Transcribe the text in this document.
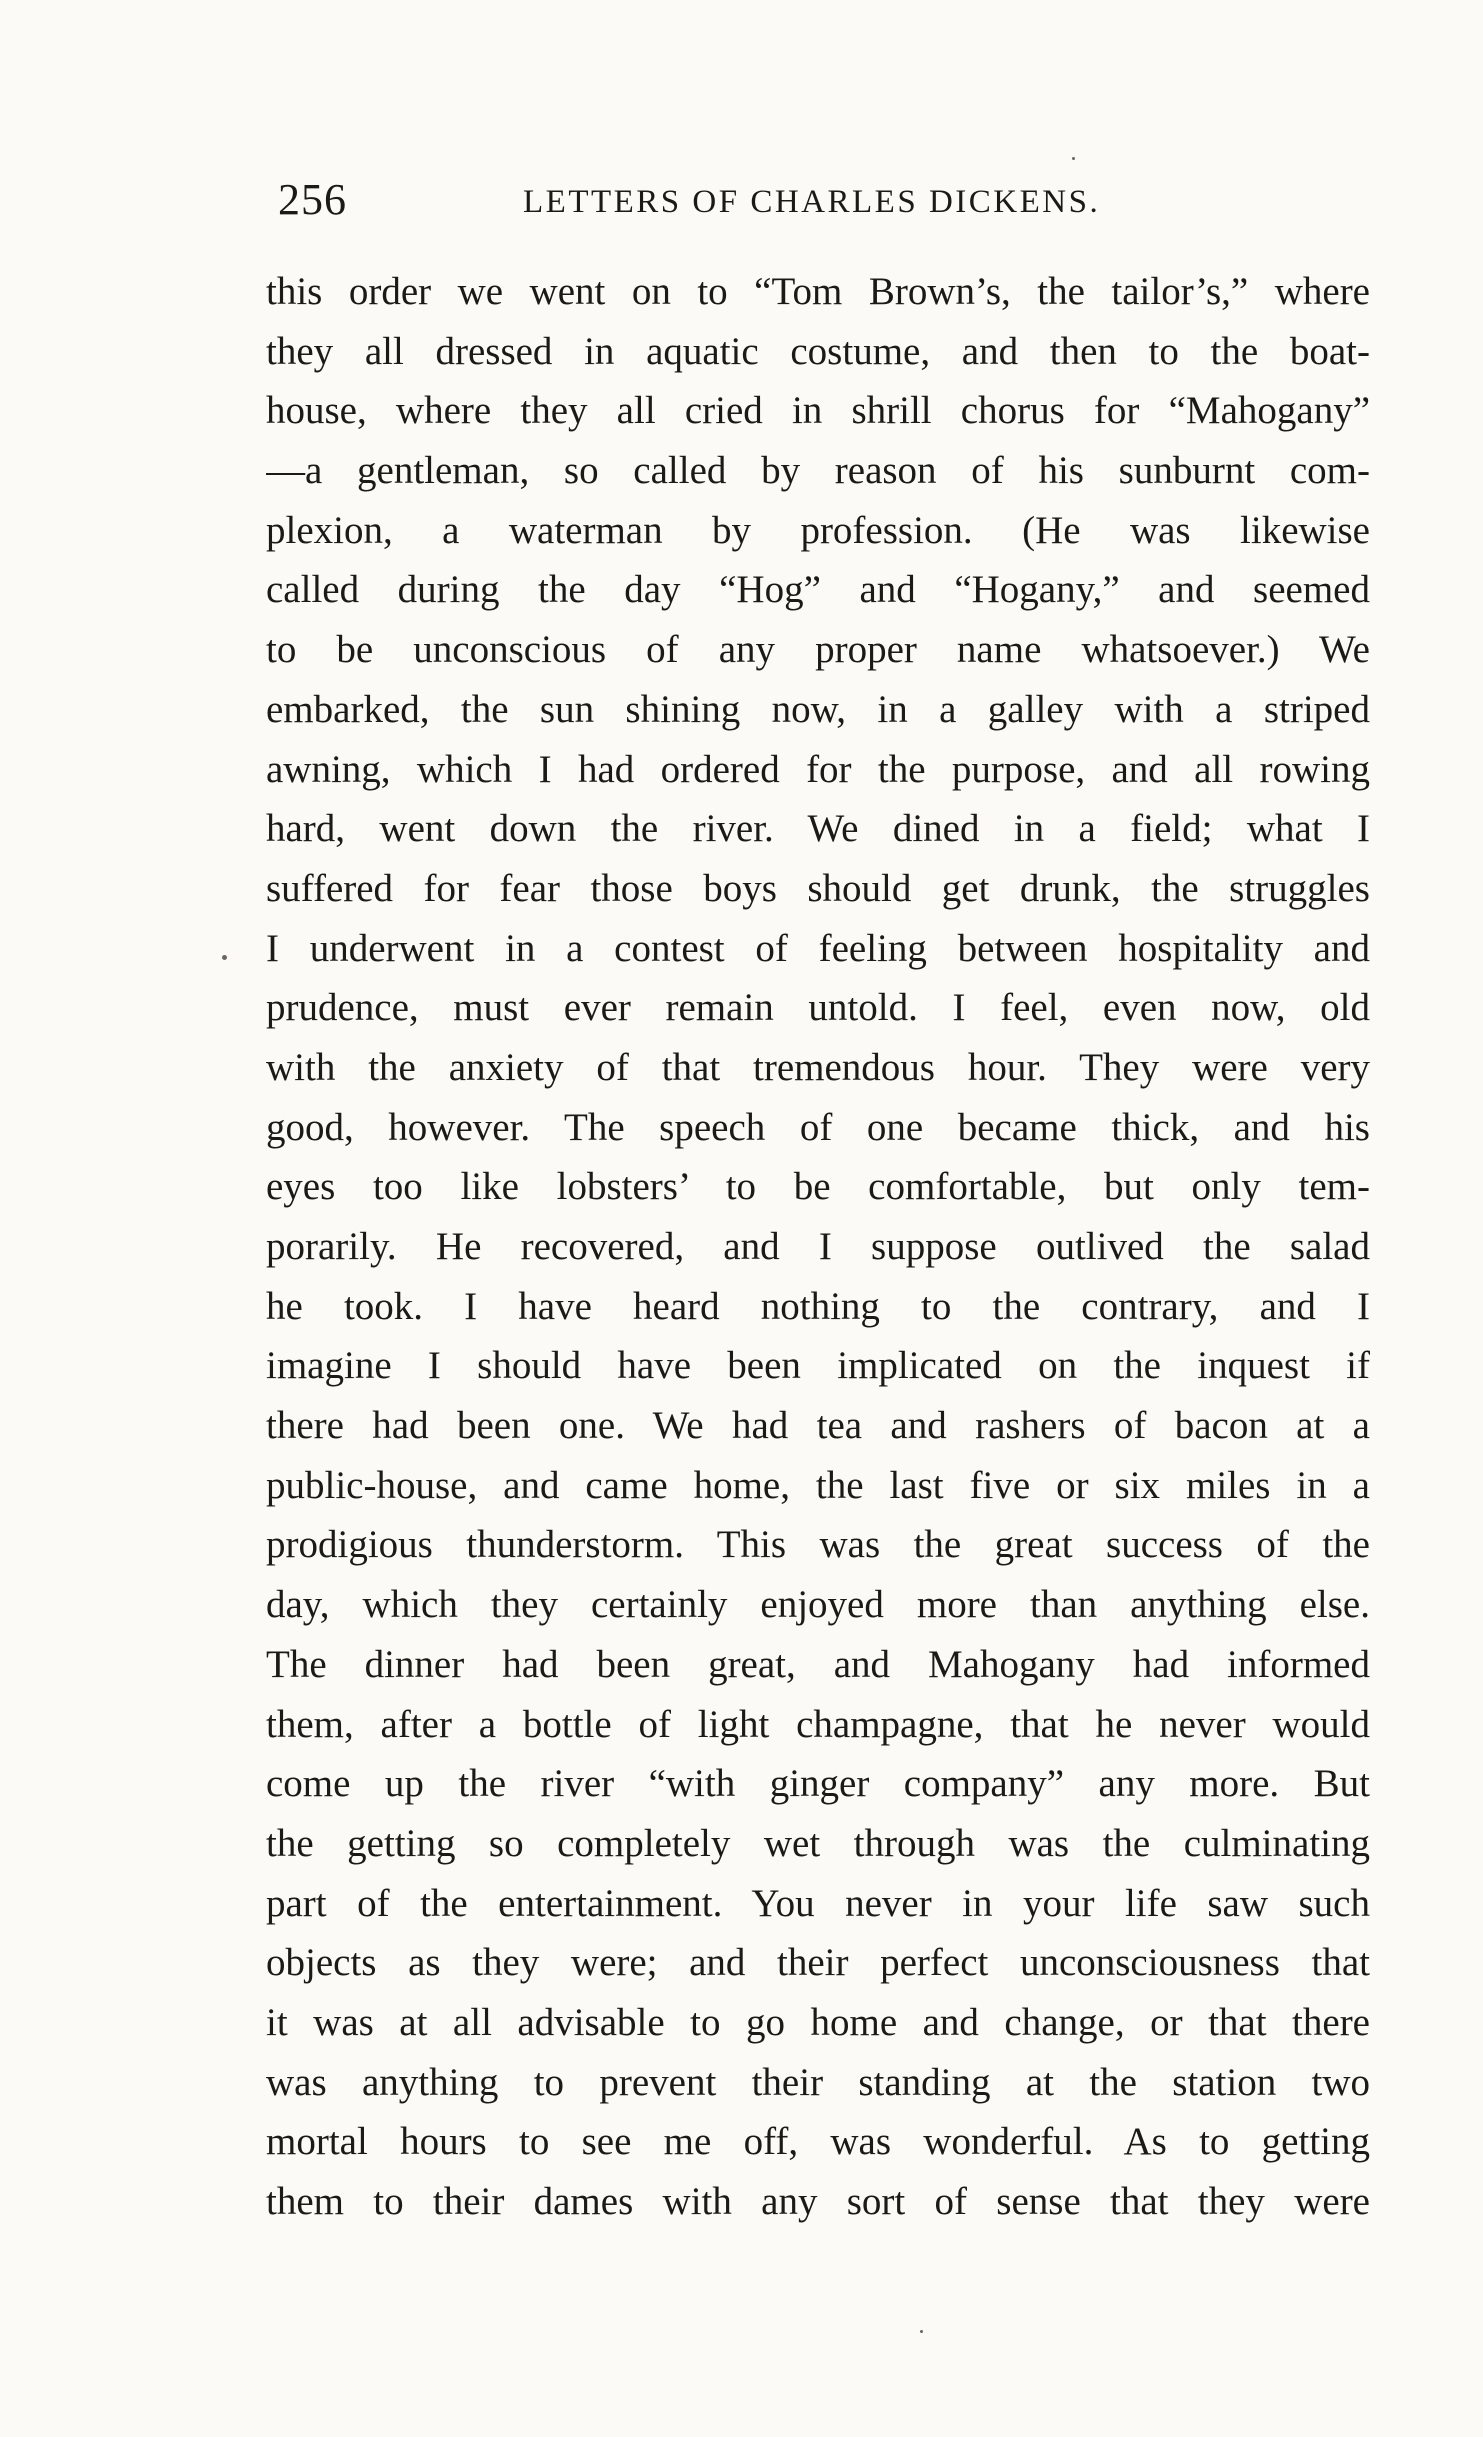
256	LETTERS OF CHARLES DICKENS.
this order we went on to “Tom Brown’s, the tailor’s,” where
they all dressed in aquatic costume, and then to the boat-
house, where they all cried in shrill chorus for “Mahogany”
—a gentleman, so called by reason of his sunburnt com-
plexion, a waterman by profession. (He was likewise
called during the day “Hog” and “Hogany,” and seemed
to be unconscious of any proper name whatsoever.) We
embarked, the sun shining now, in a galley with a striped
awning, which I had ordered for the purpose, and all rowing
hard, went down the river. We dined in a field; what I
suffered for fear those boys should get drunk, the struggles
I underwent in a contest of feeling between hospitality and
prudence, must ever remain untold. I feel, even now, old
with the anxiety of that tremendous hour. They were very
good, however. The speech of one became thick, and his
eyes too like lobsters’ to be comfortable, but only tem-
porarily. He recovered, and I suppose outlived the salad
he took. I have heard nothing to the contrary, and I
imagine I should have been implicated on the inquest if
there had been one. We had tea and rashers of bacon at a
public-house, and came home, the last five or six miles in a
prodigious thunderstorm. This was the great success of the
day, which they certainly enjoyed more than anything else.
The dinner had been great, and Mahogany had informed
them, after a bottle of light champagne, that he never would
come up the river “with ginger company” any more. But
the getting so completely wet through was the culminating
part of the entertainment. You never in your life saw such
objects as they were; and their perfect unconsciousness that
it was at all advisable to go home and change, or that there
was anything to prevent their standing at the station two
mortal hours to see me off, was wonderful. As to getting
them to their dames with any sort of sense that they were
